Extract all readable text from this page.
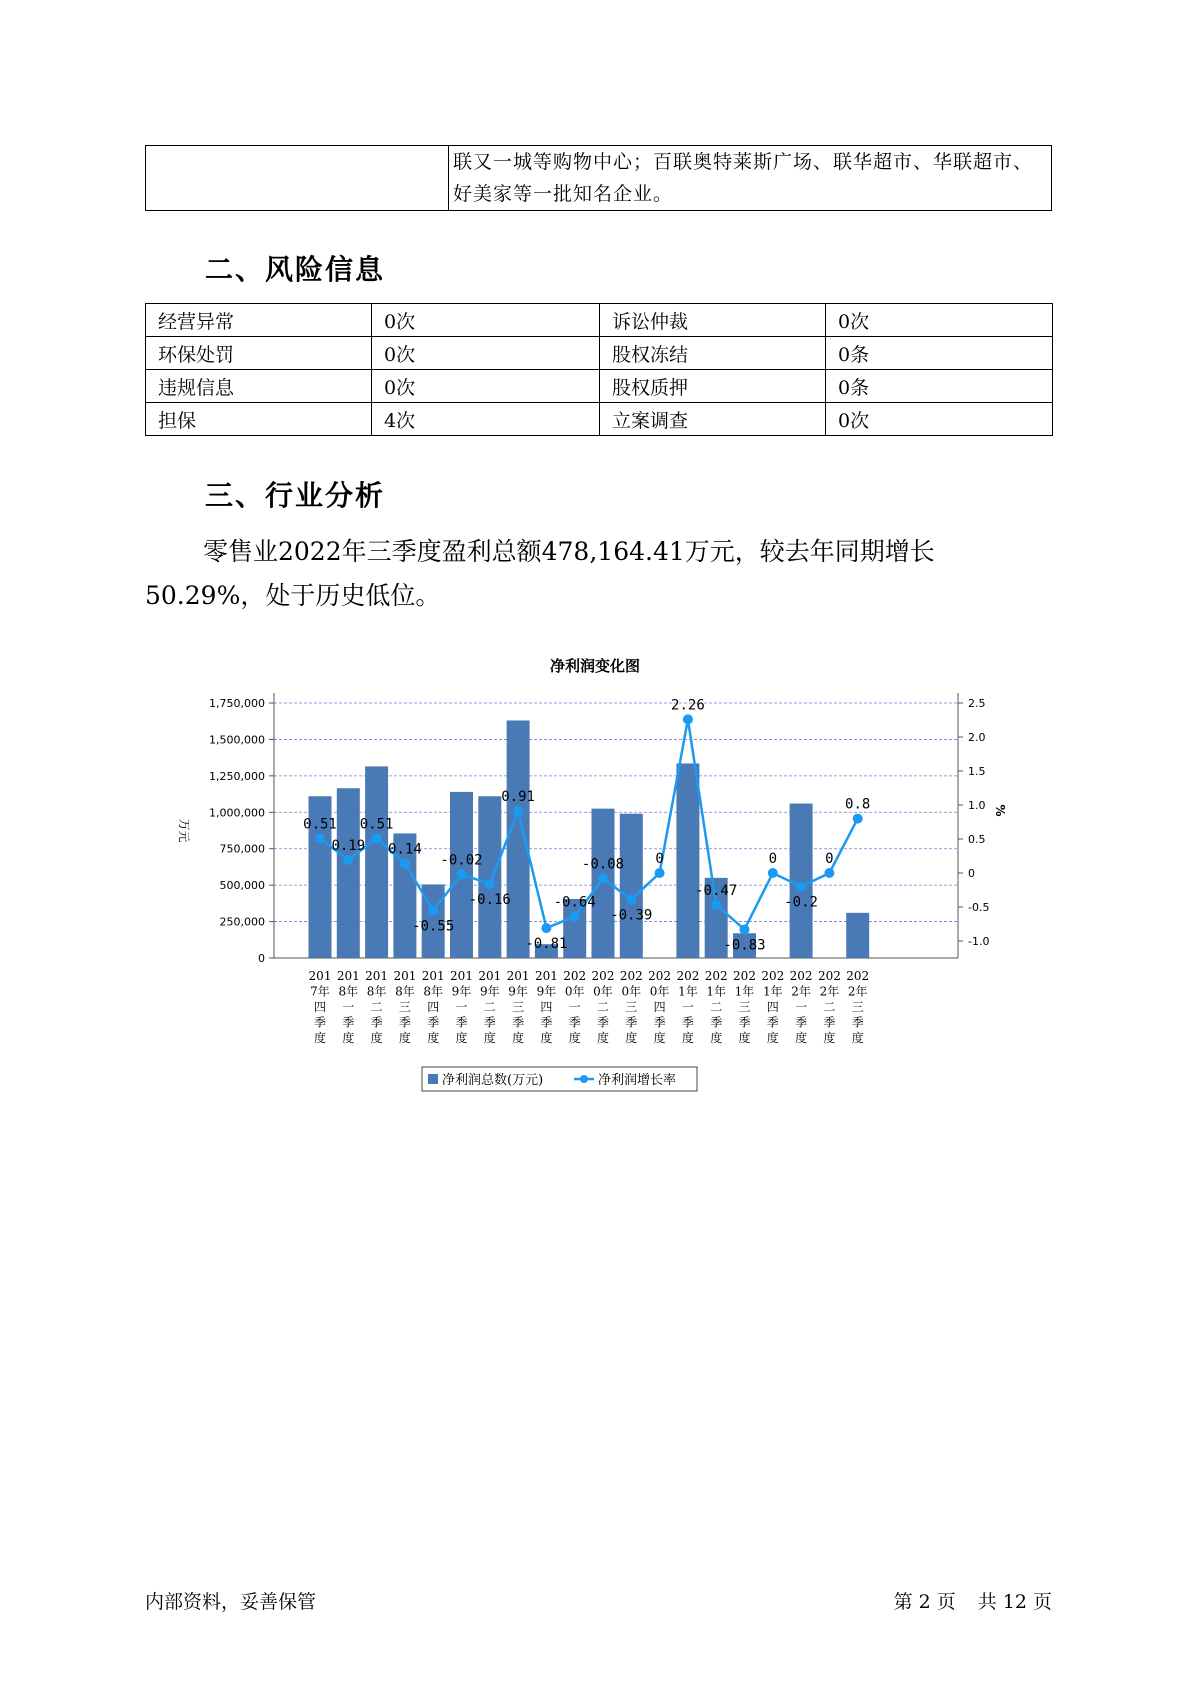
	联又一城等购物中心；百联奥特莱斯广场、联华超市、华联超市、好美家等一批知名企业。
二、风险信息
经营异常	0次	诉讼仲裁	0次
环保处罚	0次	股权冻结	0条
违规信息	0次	股权质押	0条
担保	4次	立案调查	0次
三、行业分析

零售业2022年三季度盈利总额478,164.41万元，较去年同期增长50.29%，处于历史低位。

净利润变化图
0
250,000
500,000
750,000
1,000,000
1,250,000
1,500,000
1,750,000
-1.0
-0.5
0
0.5
1.0
1.5
2.0
2.5
万元
%
0.51
0.19
0.51
0.14
-0.55
-0.02
-0.16
0.91
-0.81
-0.64
-0.08
-0.39
0
2.26
-0.47
-0.83
0
-0.2
0
0.8
201 7年四季度
201 8年一季度
201 8年二季度
201 8年三季度
201 8年四季度
201 9年一季度
201 9年二季度
201 9年三季度
201 9年四季度
202 0年一季度
202 0年二季度
202 0年三季度
202 0年四季度
202 1年一季度
202 1年二季度
202 1年三季度
202 1年四季度
202 2年一季度
202 2年二季度
202 2年三季度
净利润总数(万元)	净利润增长率
内部资料，妥善保管	第 2 页 共 12 页
